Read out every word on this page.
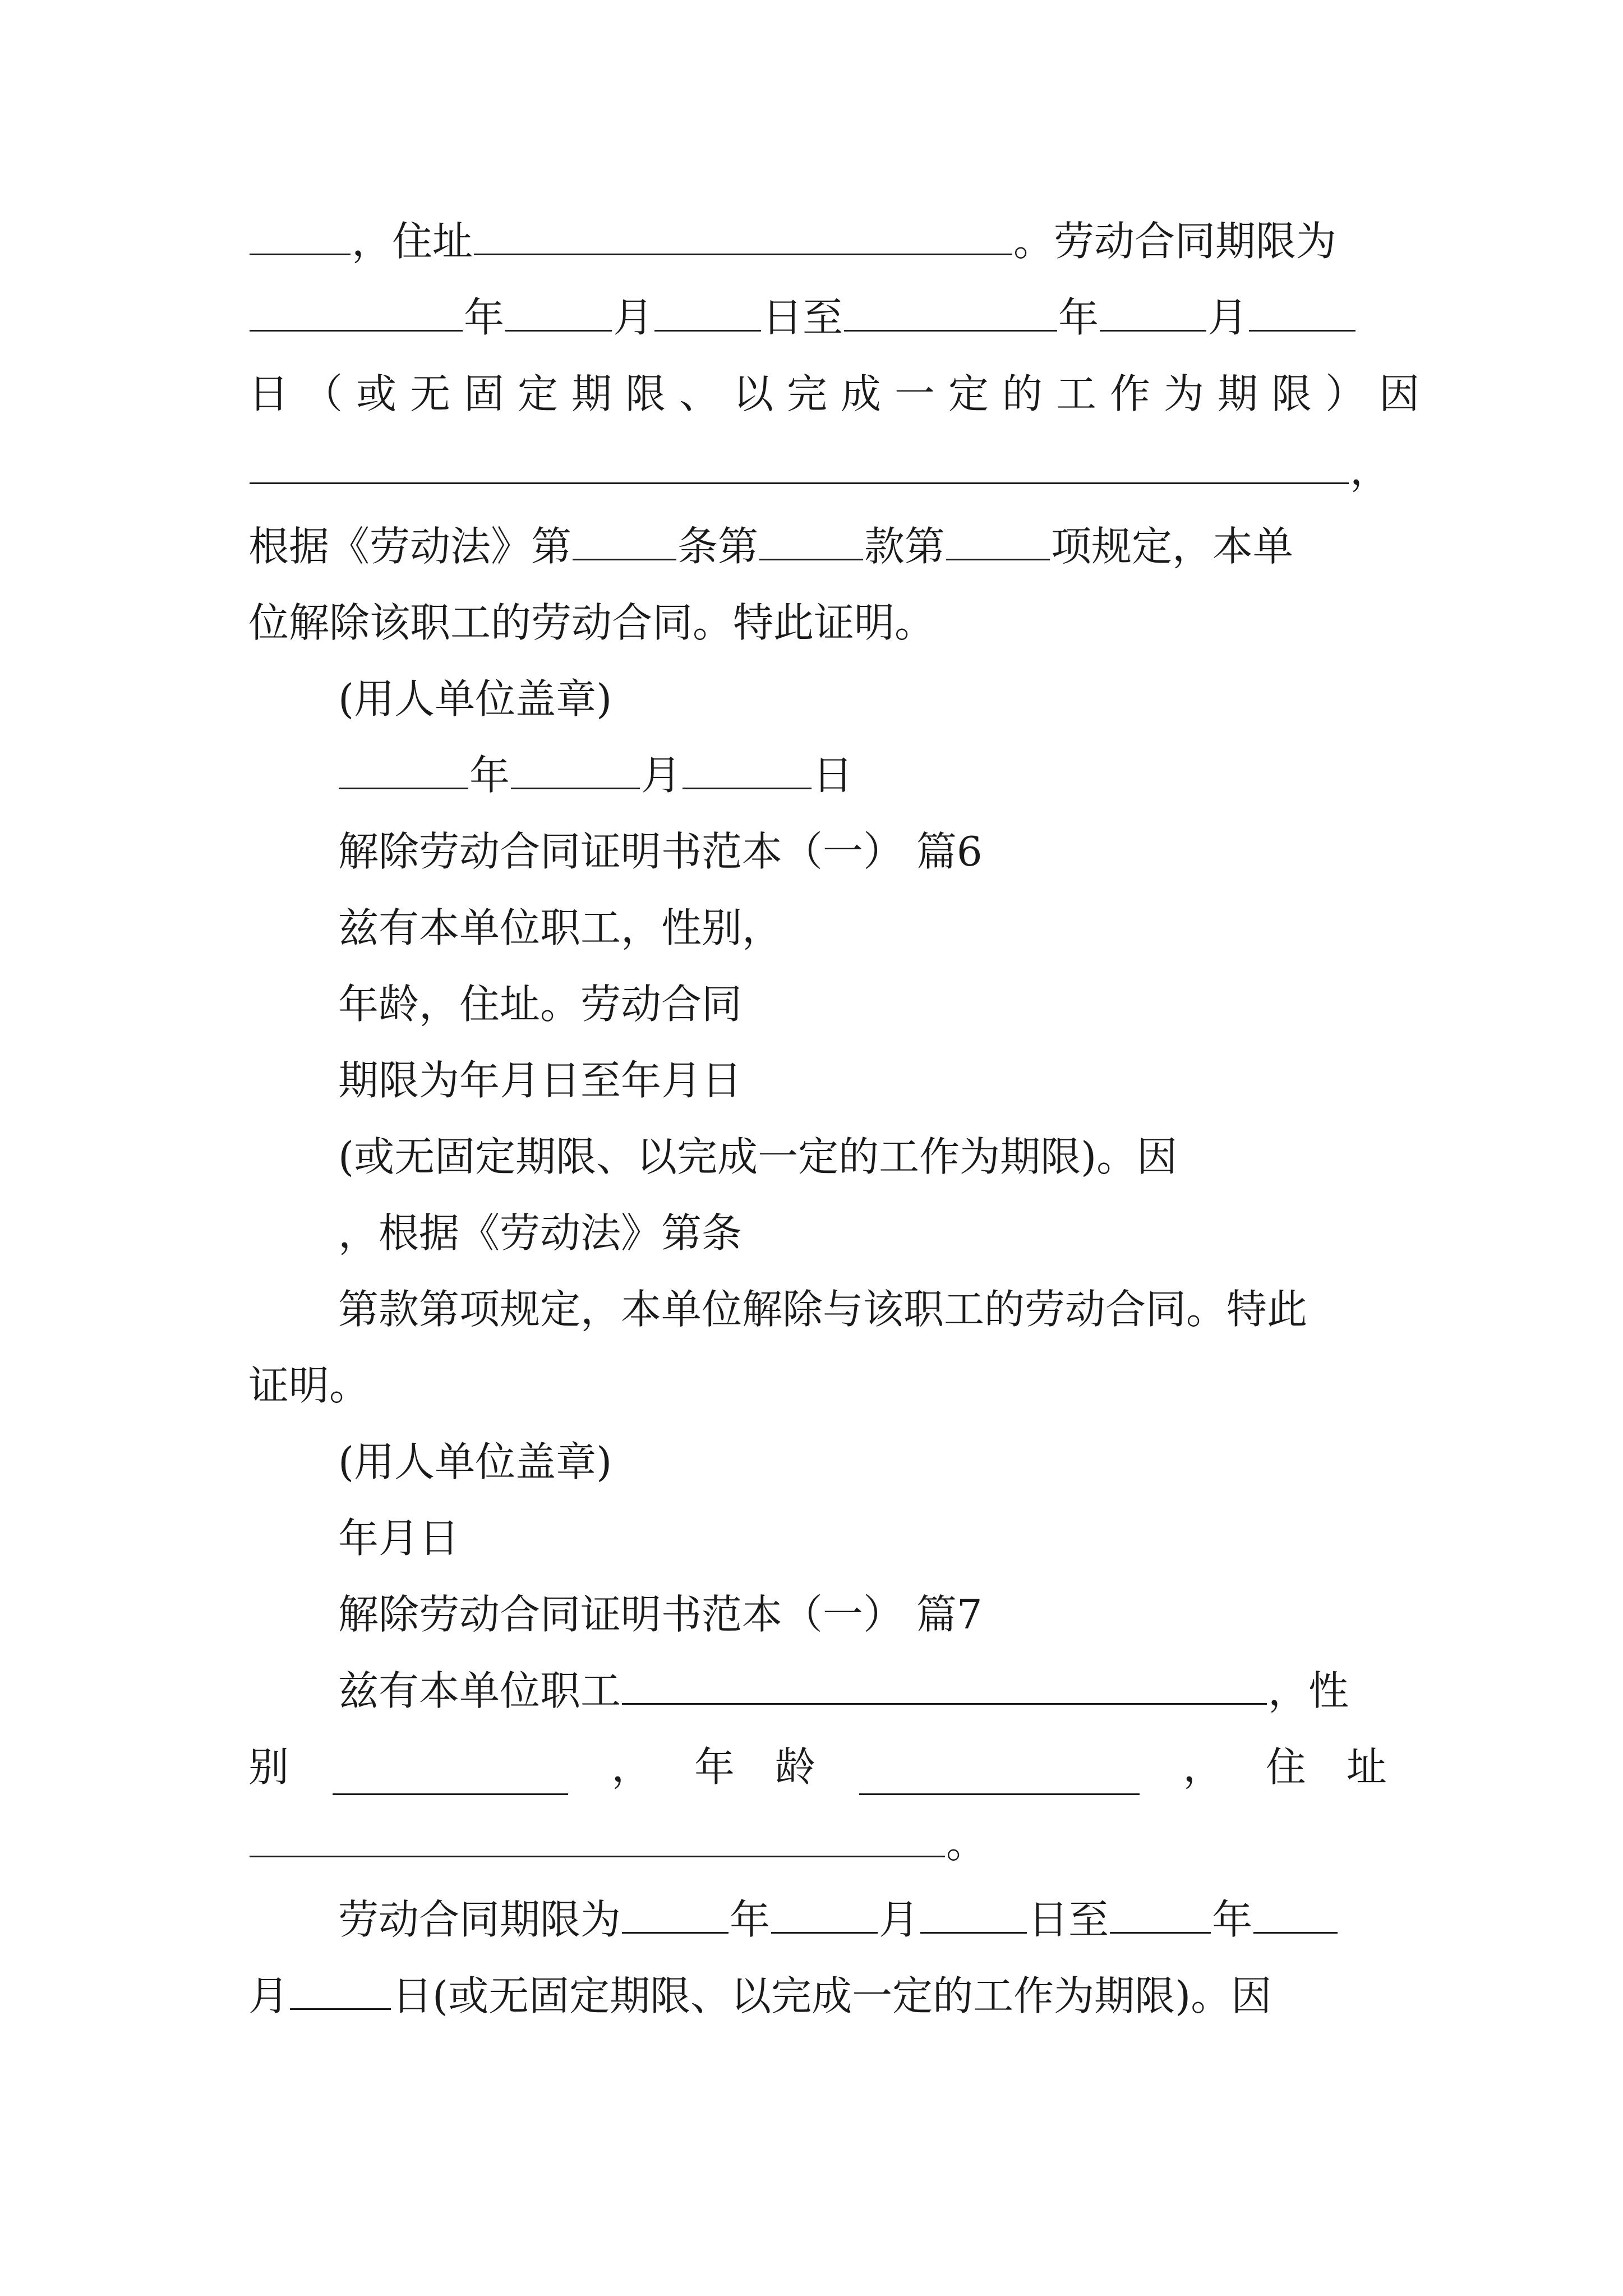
，住址	。劳动合同期限为
年	月	日至	年	月
日（或无固定期限、以完成一定的工作为期限）因
，
根据《劳动法》第	条第	款第	项规定，本单
位解除该职工的劳动合同。特此证明。
(用人单位盖章)
年	月	日
解除劳动合同证明书范本（一） 篇6
兹有本单位职工，性别，
年龄，住址。劳动合同
期限为年月日至年月日
(或无固定期限、以完成一定的工作为期限)。因
，根据《劳动法》第条
第款第项规定，本单位解除与该职工的劳动合同。特此
证明。
(用人单位盖章)
年月日
解除劳动合同证明书范本（一） 篇7
兹有本单位职工	，性
别	， 年　龄	， 住　址
。
劳动合同期限为	年	月	日至	年
月	日(或无固定期限、以完成一定的工作为期限)。因
